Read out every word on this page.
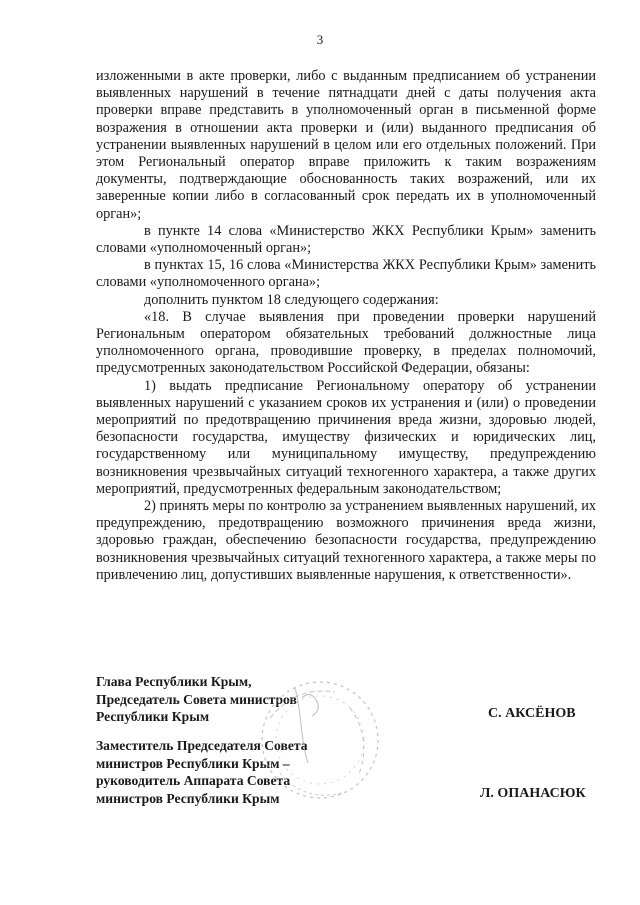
3

изложенными в акте проверки, либо с выданным предписанием об устранении выявленных нарушений в течение пятнадцати дней с даты получения акта проверки вправе представить в уполномоченный орган в письменной форме возражения в отношении акта проверки и (или) выданного предписания об устранении выявленных нарушений в целом или его отдельных положений. При этом Региональный оператор вправе приложить к таким возражениям документы, подтверждающие обоснованность таких возражений, или их заверенные копии либо в согласованный срок передать их в уполномоченный орган»;

в пункте 14 слова «Министерство ЖКХ Республики Крым» заменить словами «уполномоченный орган»;

в пунктах 15, 16 слова «Министерства ЖКХ Республики Крым» заменить словами «уполномоченного органа»;

дополнить пунктом 18 следующего содержания:

«18. В случае выявления при проведении проверки нарушений Региональным оператором обязательных требований должностные лица уполномоченного органа, проводившие проверку, в пределах полномочий, предусмотренных законодательством Российской Федерации, обязаны:

1) выдать предписание Региональному оператору об устранении выявленных нарушений с указанием сроков их устранения и (или) о проведении мероприятий по предотвращению причинения вреда жизни, здоровью людей, безопасности государства, имуществу физических и юридических лиц, государственному или муниципальному имуществу, предупреждению возникновения чрезвычайных ситуаций техногенного характера, а также других мероприятий, предусмотренных федеральным законодательством;

2) принять меры по контролю за устранением выявленных нарушений, их предупреждению, предотвращению возможного причинения вреда жизни, здоровью граждан, обеспечению безопасности государства, предупреждению возникновения чрезвычайных ситуаций техногенного характера, а также меры по привлечению лиц, допустивших выявленные нарушения, к ответственности».

Глава Республики Крым,
Председатель Совета министров
Республики Крым	С. АКСЁНОВ
Заместитель Председателя Совета
министров Республики Крым –
руководитель Аппарата Совета
министров Республики Крым	Л. ОПАНАСЮК
